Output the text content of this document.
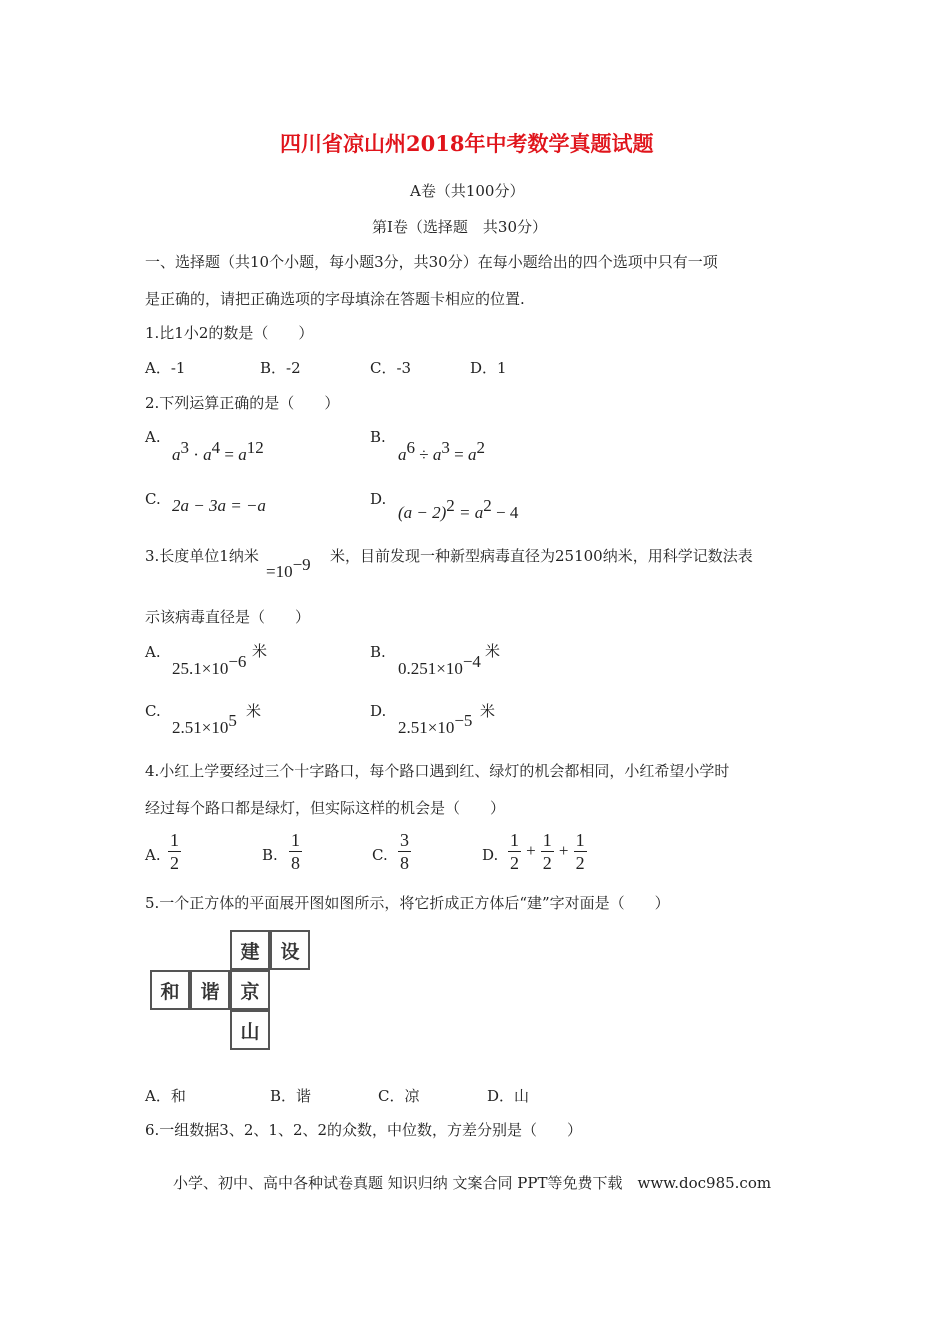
四川省凉山州2018年中考数学真题试题
A卷（共100分）
第Ⅰ卷（选择题　共30分）
一、选择题（共10个小题，每小题3分，共30分）在每小题给出的四个选项中只有一项
是正确的，请把正确选项的字母填涂在答题卡相应的位置.
1.比1小2的数是（　　）
A．-1	B．-2	C．-3	D．1
2.下列运算正确的是（　　）
A.
$a^3 \cdot a^4 = a^{12}$
B.
$a^6 \div a^3 = a^2$
C. 2a − 3a = −a	D.
$(a - 2)^2 = a^2 - 4$
3.长度单位1纳米
$=10^{-9}$ 米，目前发现一种新型病毒直径为25100纳米，用科学记数法表
示该病毒直径是（　　）
A.
$25.1\times 10^{-6}$
米	B.
$0.251\times 10^{-4}$
米
C.
$2.51\times 10^5$ 米	D.
$2.51\times 10^{-5}$ 米
4.小红上学要经过三个十字路口，每个路口遇到红、绿灯的机会都相同，小红希望小学时
经过每个路口都是绿灯，但实际这样的机会是（　　）
A. $\frac{1}{2}$	B. $\frac{1}{8}$	C. $\frac{3}{8}$	D. $\frac{1}{2} + \frac{1}{2} + \frac{1}{2}$
5.一个正方体的平面展开图如图所示，将它折成正方体后“建”字对面是（　　）
建	设
和	谐	京
山
A．和	B．谐	C．凉	D．山
6.一组数据3、2、1、2、2的众数，中位数，方差分别是（　　）
小学、初中、高中各种试卷真题 知识归纳 文案合同 PPT等免费下载　www.doc985.com
